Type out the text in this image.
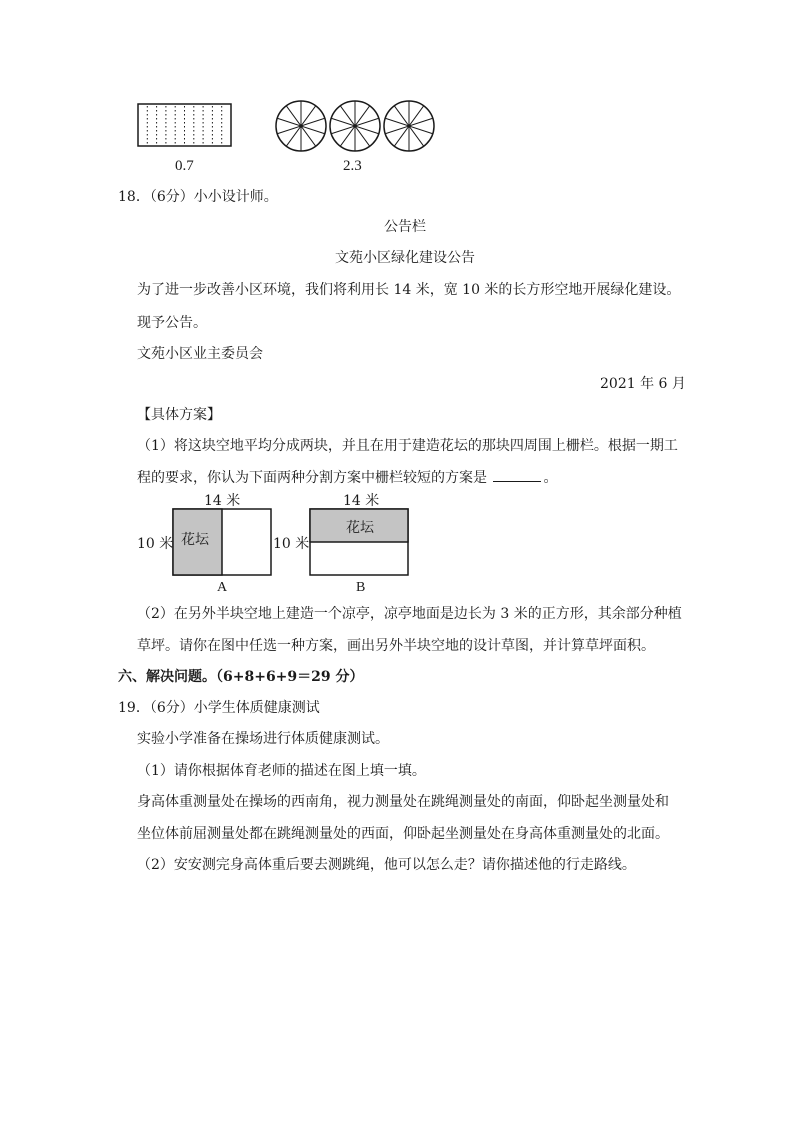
0.7	2.3
18．（6分）小小设计师。
公告栏
文苑小区绿化建设公告
为了进一步改善小区环境，我们将利用长 14 米，宽 10 米的长方形空地开展绿化建设。
现予公告。
文苑小区业主委员会
2021 年 6 月
【具体方案】
（1）将这块空地平均分成两块，并且在用于建造花坛的那块四周围上栅栏。根据一期工
程的要求，你认为下面两种分割方案中栅栏较短的方案是	。
14 米
10 米 花坛
A
14 米
10 米
花坛
B
（2）在另外半块空地上建造一个凉亭，凉亭地面是边长为 3 米的正方形，其余部分种植
草坪。请你在图中任选一种方案，画出另外半块空地的设计草图，并计算草坪面积。
六、解决问题。（6+8+6+9＝29 分）
19．（6分）小学生体质健康测试
实验小学准备在操场进行体质健康测试。
（1）请你根据体育老师的描述在图上填一填。
身高体重测量处在操场的西南角，视力测量处在跳绳测量处的南面，仰卧起坐测量处和
坐位体前屈测量处都在跳绳测量处的西面，仰卧起坐测量处在身高体重测量处的北面。
（2）安安测完身高体重后要去测跳绳，他可以怎么走？请你描述他的行走路线。
